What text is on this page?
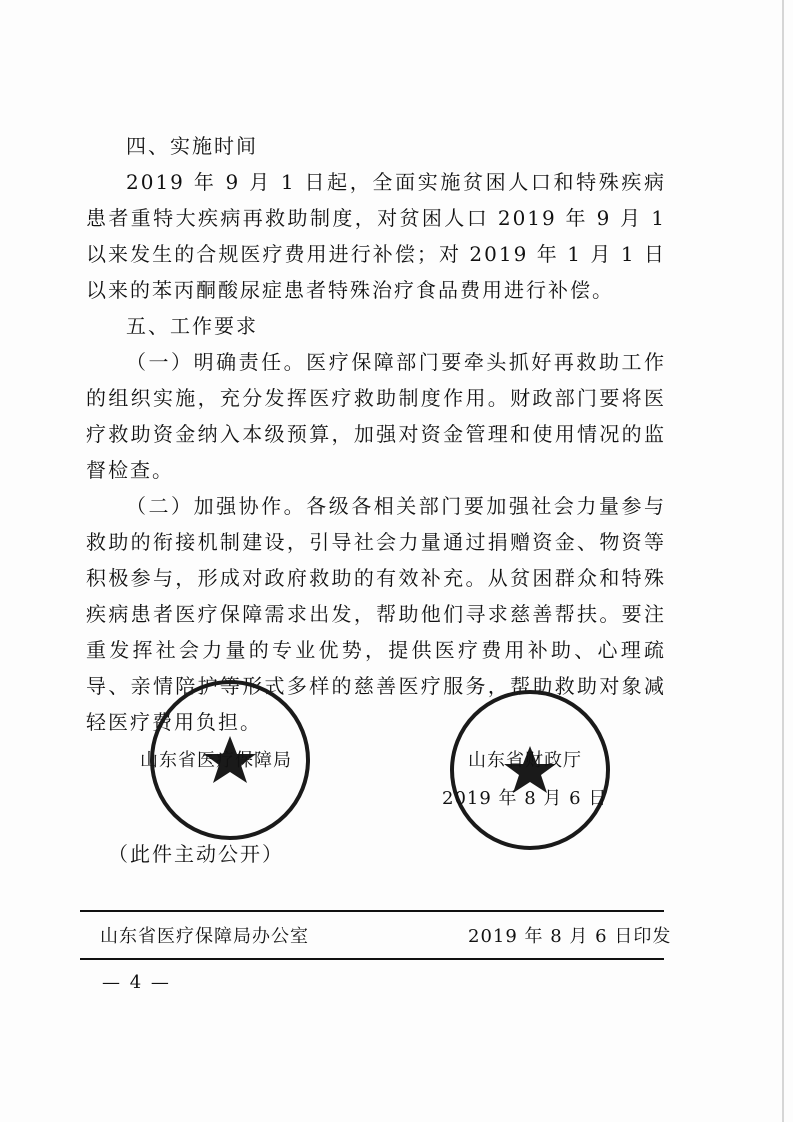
四、实施时间

2019 年 9 月 1 日起，全面实施贫困人口和特殊疾病患者重特大疾病再救助制度，对贫困人口 2019 年 9 月 1 以来发生的合规医疗费用进行补偿；对 2019 年 1 月 1 日以来的苯丙酮酸尿症患者特殊治疗食品费用进行补偿。

五、工作要求

（一）明确责任。医疗保障部门要牵头抓好再救助工作的组织实施，充分发挥医疗救助制度作用。财政部门要将医疗救助资金纳入本级预算，加强对资金管理和使用情况的监督检查。

（二）加强协作。各级各相关部门要加强社会力量参与救助的衔接机制建设，引导社会力量通过捐赠资金、物资等积极参与，形成对政府救助的有效补充。从贫困群众和特殊疾病患者医疗保障需求出发，帮助他们寻求慈善帮扶。要注重发挥社会力量的专业优势，提供医疗费用补助、心理疏导、亲情陪护等形式多样的慈善医疗服务，帮助救助对象减轻医疗费用负担。

山东省医疗保障局	山东省财政厅
2019 年 8 月 6 日
（此件主动公开）
山东省医疗保障局办公室	2019 年 8 月 6 日印发
— 4 —
